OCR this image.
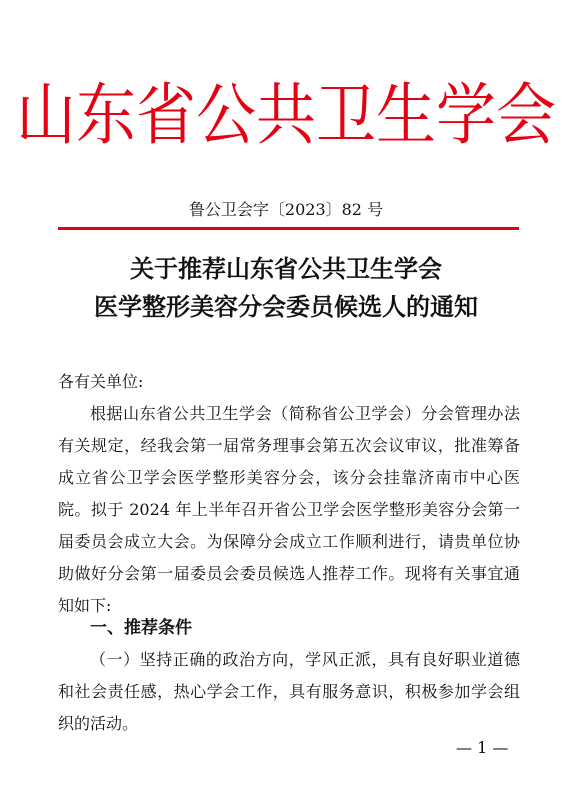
山东省公共卫生学会
鲁公卫会字〔2023〕82 号
关于推荐山东省公共卫生学会
医学整形美容分会委员候选人的通知
各有关单位:
根据山东省公共卫生学会（简称省公卫学会）分会管理办法有关规定，经我会第一届常务理事会第五次会议审议，批准筹备成立省公卫学会医学整形美容分会，该分会挂靠济南市中心医院。拟于 2024 年上半年召开省公卫学会医学整形美容分会第一届委员会成立大会。为保障分会成立工作顺利进行，请贵单位协助做好分会第一届委员会委员候选人推荐工作。现将有关事宜通知如下:
一、推荐条件
（一）坚持正确的政治方向，学风正派，具有良好职业道德和社会责任感，热心学会工作，具有服务意识，积极参加学会组织的活动。
— 1 —
